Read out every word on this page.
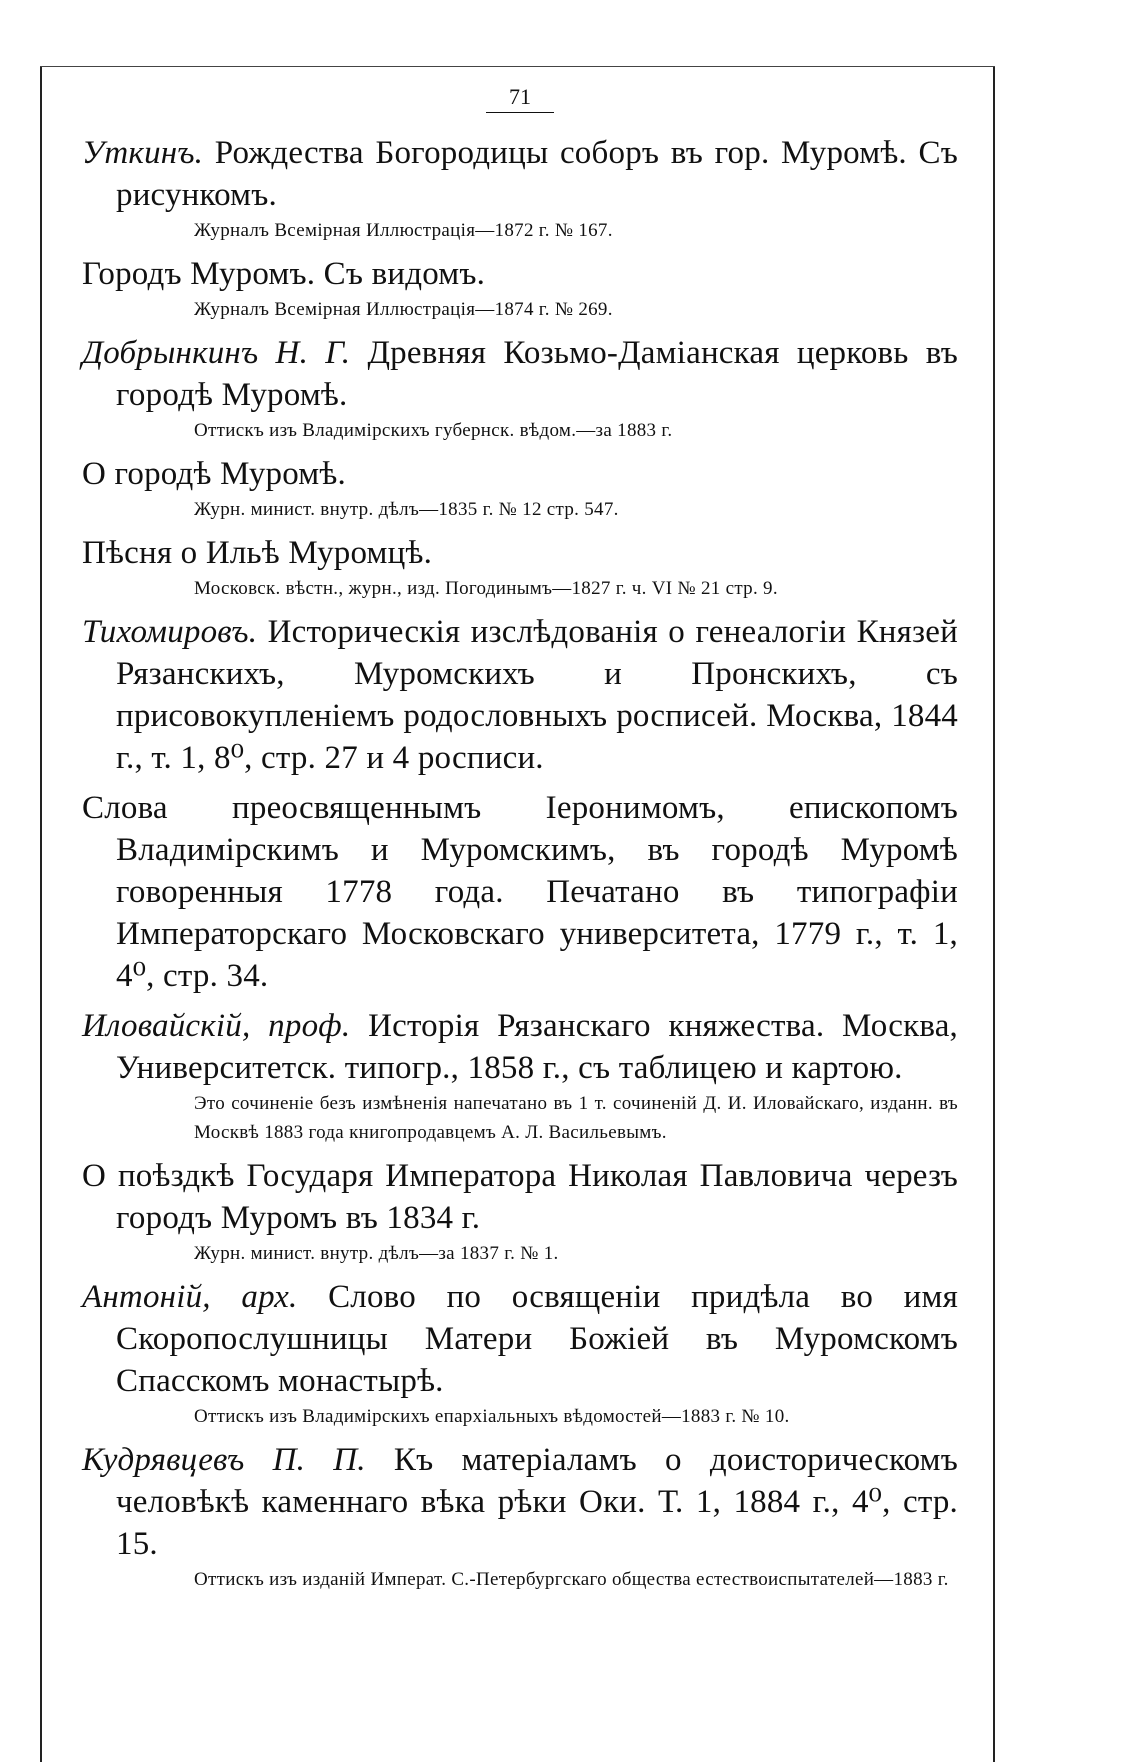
71
Уткинъ. Рождества Богородицы соборъ въ гор. Муромѣ. Съ рисункомъ.
Журналъ Всемірная Иллюстрація—1872 г. № 167.
Городъ Муромъ. Съ видомъ.
Журналъ Всемірная Иллюстрація—1874 г. № 269.
Добрынкинъ Н. Г. Древняя Козьмо-Даміанская церковь въ городѣ Муромѣ.
Оттискъ изъ Владимірскихъ губернск. вѣдом.—за 1883 г.
О городѣ Муромѣ.
Журн. минист. внутр. дѣлъ—1835 г. № 12 стр. 547.
Пѣсня о Ильѣ Муромцѣ.
Московск. вѣстн., журн., изд. Погодинымъ—1827 г. ч. VI № 21 стр. 9.
Тихомировъ. Историческія изслѣдованія о генеалогіи Князей Рязанскихъ, Муромскихъ и Пронскихъ, съ присовокупленіемъ родословныхъ росписей. Москва, 1844 г., т. 1, 8⁰, стр. 27 и 4 росписи.
Слова преосвященнымъ Іеронимомъ, епископомъ Владимірскимъ и Муромскимъ, въ городѣ Муромѣ говоренныя 1778 года. Печатано въ типографіи Императорскаго Московскаго университета, 1779 г., т. 1, 4⁰, стр. 34.
Иловайскій, проф. Исторія Рязанскаго княжества. Москва, Университетск. типогр., 1858 г., съ таблицею и картою.
Это сочиненіе безъ измѣненія напечатано въ 1 т. сочиненій Д. И. Иловайскаго, изданн. въ Москвѣ 1883 года книгопродавцемъ А. Л. Васильевымъ.
О поѣздкѣ Государя Императора Николая Павловича черезъ городъ Муромъ въ 1834 г.
Журн. минист. внутр. дѣлъ—за 1837 г. № 1.
Антоній, арх. Слово по освященіи придѣла во имя Скоропослушницы Матери Божіей въ Муромскомъ Спасскомъ монастырѣ.
Оттискъ изъ Владимірскихъ епархіальныхъ вѣдомостей—1883 г. № 10.
Кудрявцевъ П. П. Къ матеріаламъ о доисторическомъ человѣкѣ каменнаго вѣка рѣки Оки. Т. 1, 1884 г., 4⁰, стр. 15.
Оттискъ изъ изданій Императ. С.-Петербургскаго общества естествоиспытателей—1883 г.
